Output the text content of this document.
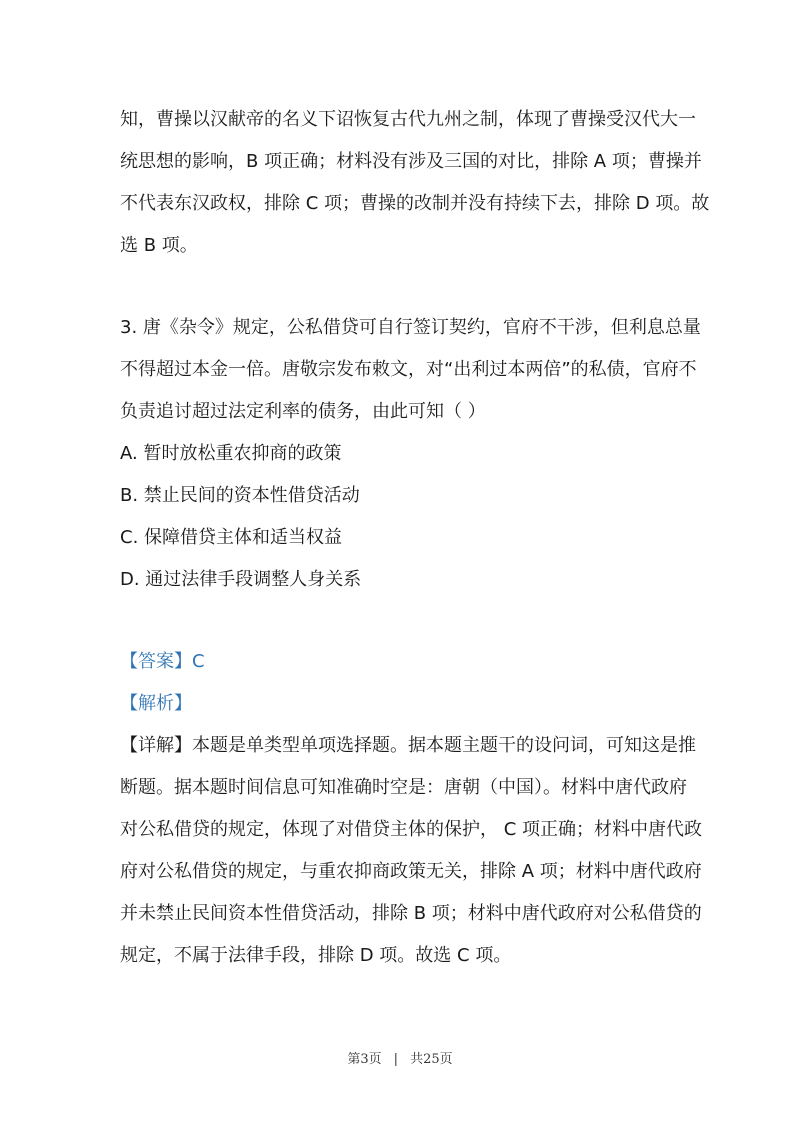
知，曹操以汉献帝的名义下诏恢复古代九州之制，体现了曹操受汉代大一
统思想的影响，B 项正确；材料没有涉及三国的对比，排除 A 项；曹操并
不代表东汉政权，排除 C 项；曹操的改制并没有持续下去，排除 D 项。故
选 B 项。
3. 唐《杂令》规定，公私借贷可自行签订契约，官府不干涉，但利息总量
不得超过本金一倍。唐敬宗发布敕文，对“出利过本两倍”的私债，官府不
负责追讨超过法定利率的债务，由此可知（ ）
A. 暂时放松重农抑商的政策
B. 禁止民间的资本性借贷活动
C. 保障借贷主体和适当权益
D. 通过法律手段调整人身关系
【答案】C
【解析】
【详解】本题是单类型单项选择题。据本题主题干的设问词，可知这是推
断题。据本题时间信息可知准确时空是：唐朝（中国）。材料中唐代政府
对公私借贷的规定，体现了对借贷主体的保护， C 项正确；材料中唐代政
府对公私借贷的规定，与重农抑商政策无关，排除 A 项；材料中唐代政府
并未禁止民间资本性借贷活动，排除 B 项；材料中唐代政府对公私借贷的
规定，不属于法律手段，排除 D 项。故选 C 项。
第3页 | 共25页
